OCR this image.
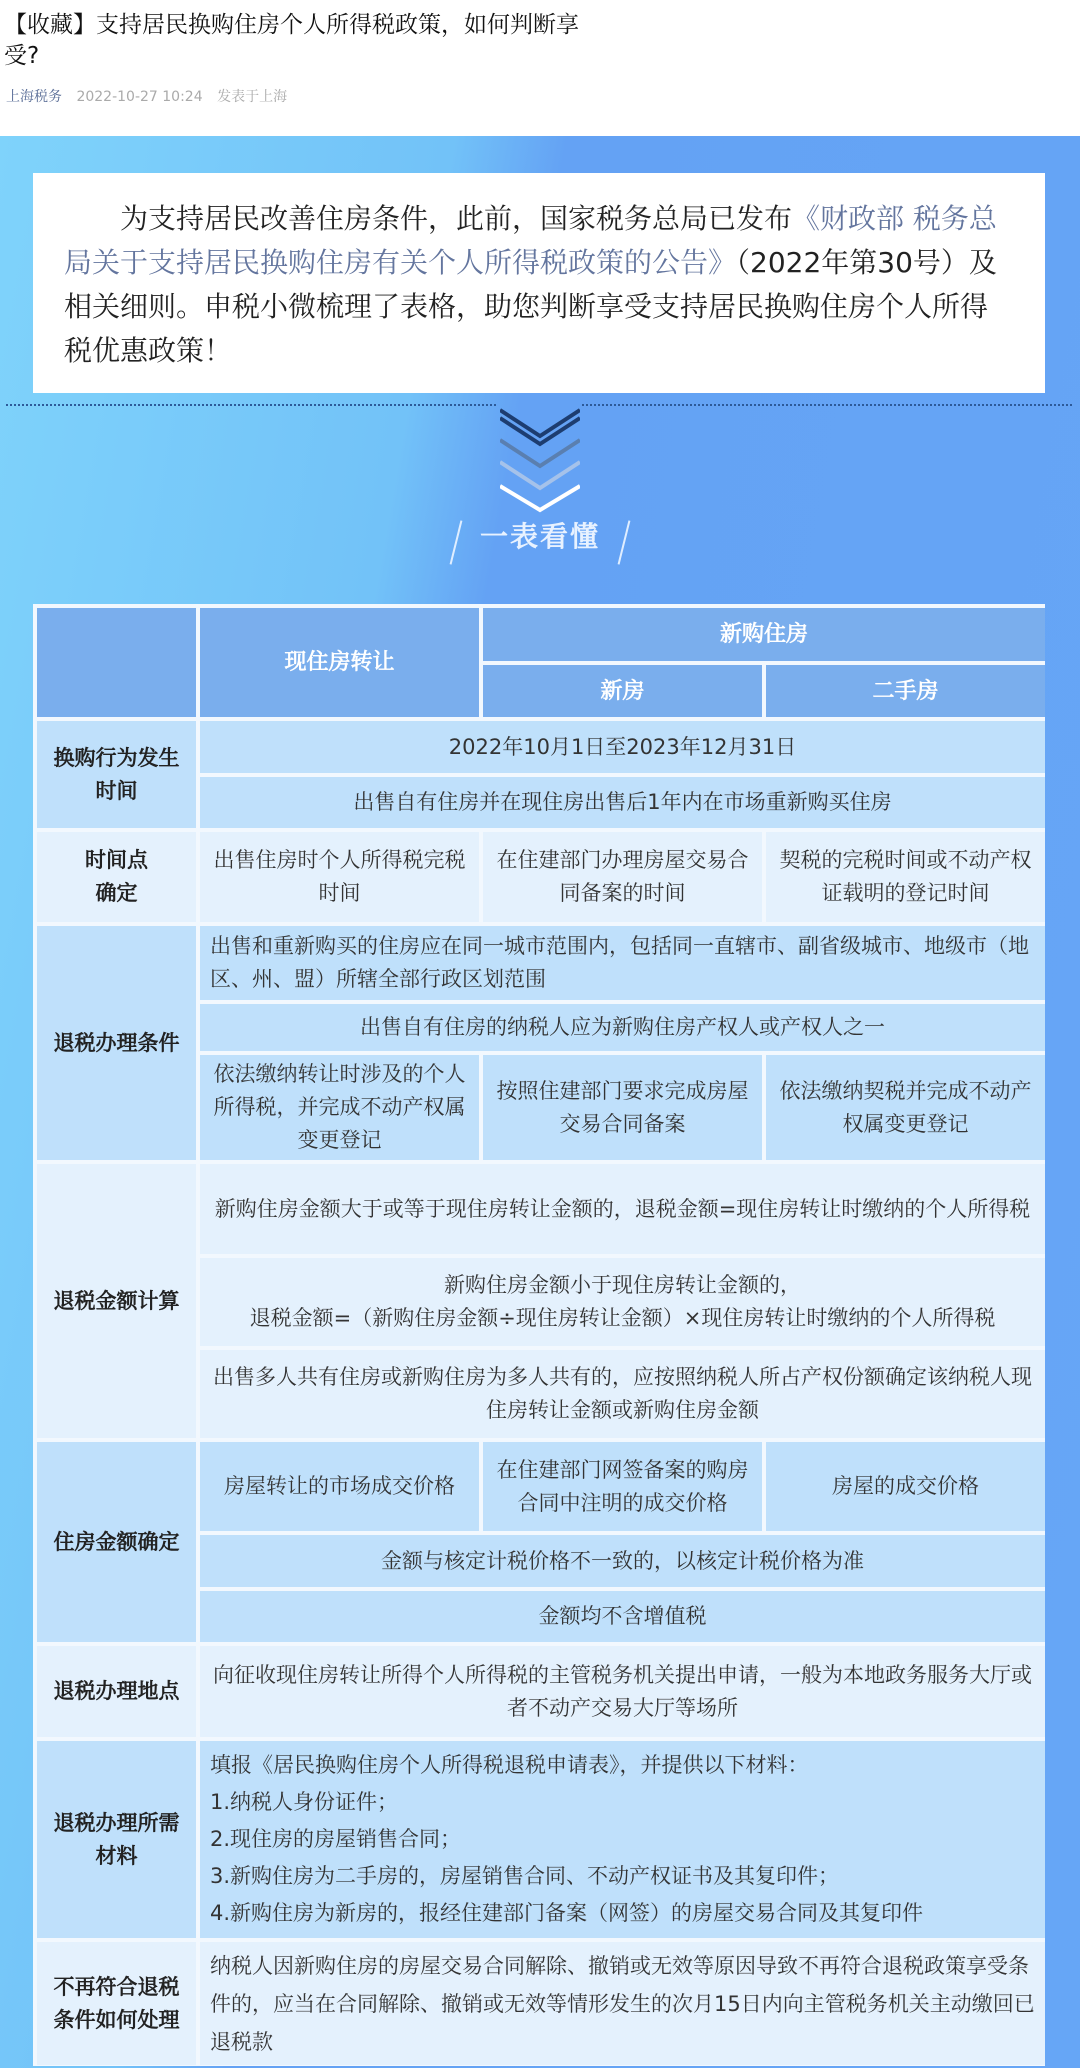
【收藏】支持居民换购住房个人所得税政策，如何判断享受?
上海税务 2022-10-27 10:24 发表于上海
为支持居民改善住房条件，此前，国家税务总局已发布《财政部 税务总局关于支持居民换购住房有关个人所得税政策的公告》（2022年第30号）及相关细则。申税小微梳理了表格，助您判断享受支持居民换购住房个人所得税优惠政策！
一表看懂
现住房转让
新购住房
新房	二手房
换购行为发生
时间
2022年10月1日至2023年12月31日
出售自有住房并在现住房出售后1年内在市场重新购买住房
时间点
确定
出售住房时个人所得税完税时间
在住建部门办理房屋交易合同备案的时间
契税的完税时间或不动产权证载明的登记时间
退税办理条件
出售和重新购买的住房应在同一城市范围内，包括同一直辖市、副省级城市、地级市（地区、州、盟）所辖全部行政区划范围
出售自有住房的纳税人应为新购住房产权人或产权人之一
依法缴纳转让时涉及的个人所得税，并完成不动产权属变更登记
按照住建部门要求完成房屋交易合同备案
依法缴纳契税并完成不动产权属变更登记
退税金额计算
新购住房金额大于或等于现住房转让金额的，退税金额=现住房转让时缴纳的个人所得税
新购住房金额小于现住房转让金额的，
退税金额=（新购住房金额÷现住房转让金额）×现住房转让时缴纳的个人所得税
出售多人共有住房或新购住房为多人共有的，应按照纳税人所占产权份额确定该纳税人现住房转让金额或新购住房金额
住房金额确定
房屋转让的市场成交价格
在住建部门网签备案的购房合同中注明的成交价格
房屋的成交价格
金额与核定计税价格不一致的，以核定计税价格为准
金额均不含增值税
退税办理地点
向征收现住房转让所得个人所得税的主管税务机关提出申请，一般为本地政务服务大厅或者不动产交易大厅等场所
退税办理所需
材料
填报《居民换购住房个人所得税退税申请表》，并提供以下材料：
1.纳税人身份证件；
2.现住房的房屋销售合同；
3.新购住房为二手房的，房屋销售合同、不动产权证书及其复印件；
4.新购住房为新房的，报经住建部门备案（网签）的房屋交易合同及其复印件
不再符合退税
条件如何处理
纳税人因新购住房的房屋交易合同解除、撤销或无效等原因导致不再符合退税政策享受条件的，应当在合同解除、撤销或无效等情形发生的次月15日内向主管税务机关主动缴回已退税款
